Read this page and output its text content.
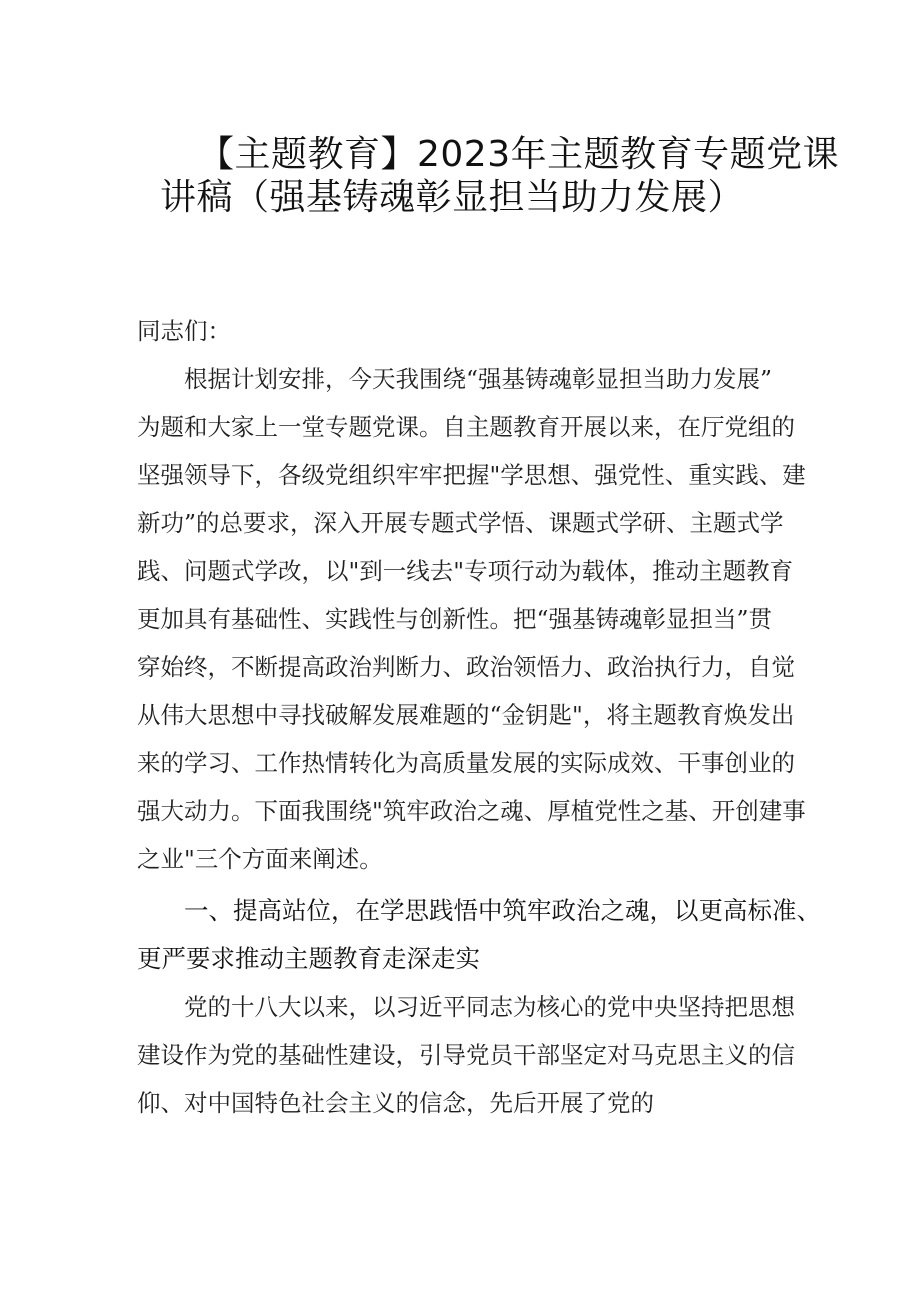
【主题教育】2023年主题教育专题党课
讲稿（强基铸魂彰显担当助力发展）
同志们：
根据计划安排，今天我围绕“强基铸魂彰显担当助力发展”
为题和大家上一堂专题党课。自主题教育开展以来，在厅党组的
坚强领导下，各级党组织牢牢把握"学思想、强党性、重实践、建
新功”的总要求，深入开展专题式学悟、课题式学研、主题式学
践、问题式学改，以"到一线去"专项行动为载体，推动主题教育
更加具有基础性、实践性与创新性。把“强基铸魂彰显担当”贯
穿始终，不断提高政治判断力、政治领悟力、政治执行力，自觉
从伟大思想中寻找破解发展难题的“金钥匙"，将主题教育焕发出
来的学习、工作热情转化为高质量发展的实际成效、干事创业的
强大动力。下面我围绕"筑牢政治之魂、厚植党性之基、开创建事
之业"三个方面来阐述。
一、提高站位，在学思践悟中筑牢政治之魂，以更高标准、
更严要求推动主题教育走深走实
党的十八大以来，以习近平同志为核心的党中央坚持把思想
建设作为党的基础性建设，引导党员干部坚定对马克思主义的信
仰、对中国特色社会主义的信念，先后开展了党的
